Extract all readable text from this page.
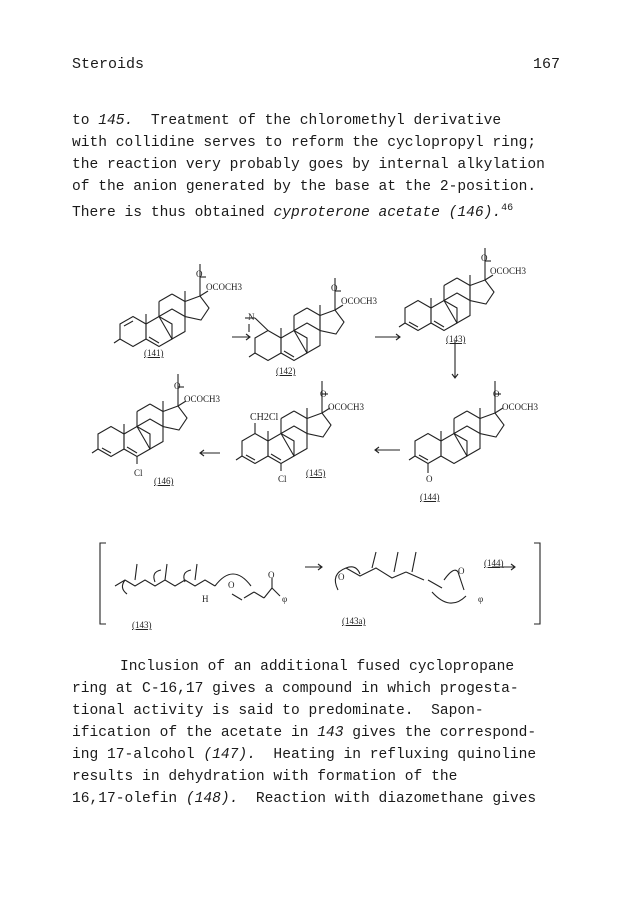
Steroids	167

to 145.  Treatment of the chloromethyl derivative
with collidine serves to reform the cyclopropyl ring;
the reaction very probably goes by internal alkylation
of the anion generated by the base at the 2-position.
There is thus obtained cyproterone acetate (146).$^{46}$

OCOCH3
O
(141)
OCOCH3
O
N
(142)
OCOCH3
O
(143)
OCOCH3
O
O
(144)
OCOCH3
O
CH2Cl
Cl
(145)
OCOCH3
O
Cl
(146)
H
O
O
φ
(143)
O
O
φ
(143a)
(144)

Inclusion of an additional fused cyclopropane
ring at C-16,17 gives a compound in which progesta-
tional activity is said to predominate.  Sapon-
ification of the acetate in 143 gives the correspond-
ing 17-alcohol (147).  Heating in refluxing quinoline
results in dehydration with formation of the
16,17-olefin (148).  Reaction with diazomethane gives
